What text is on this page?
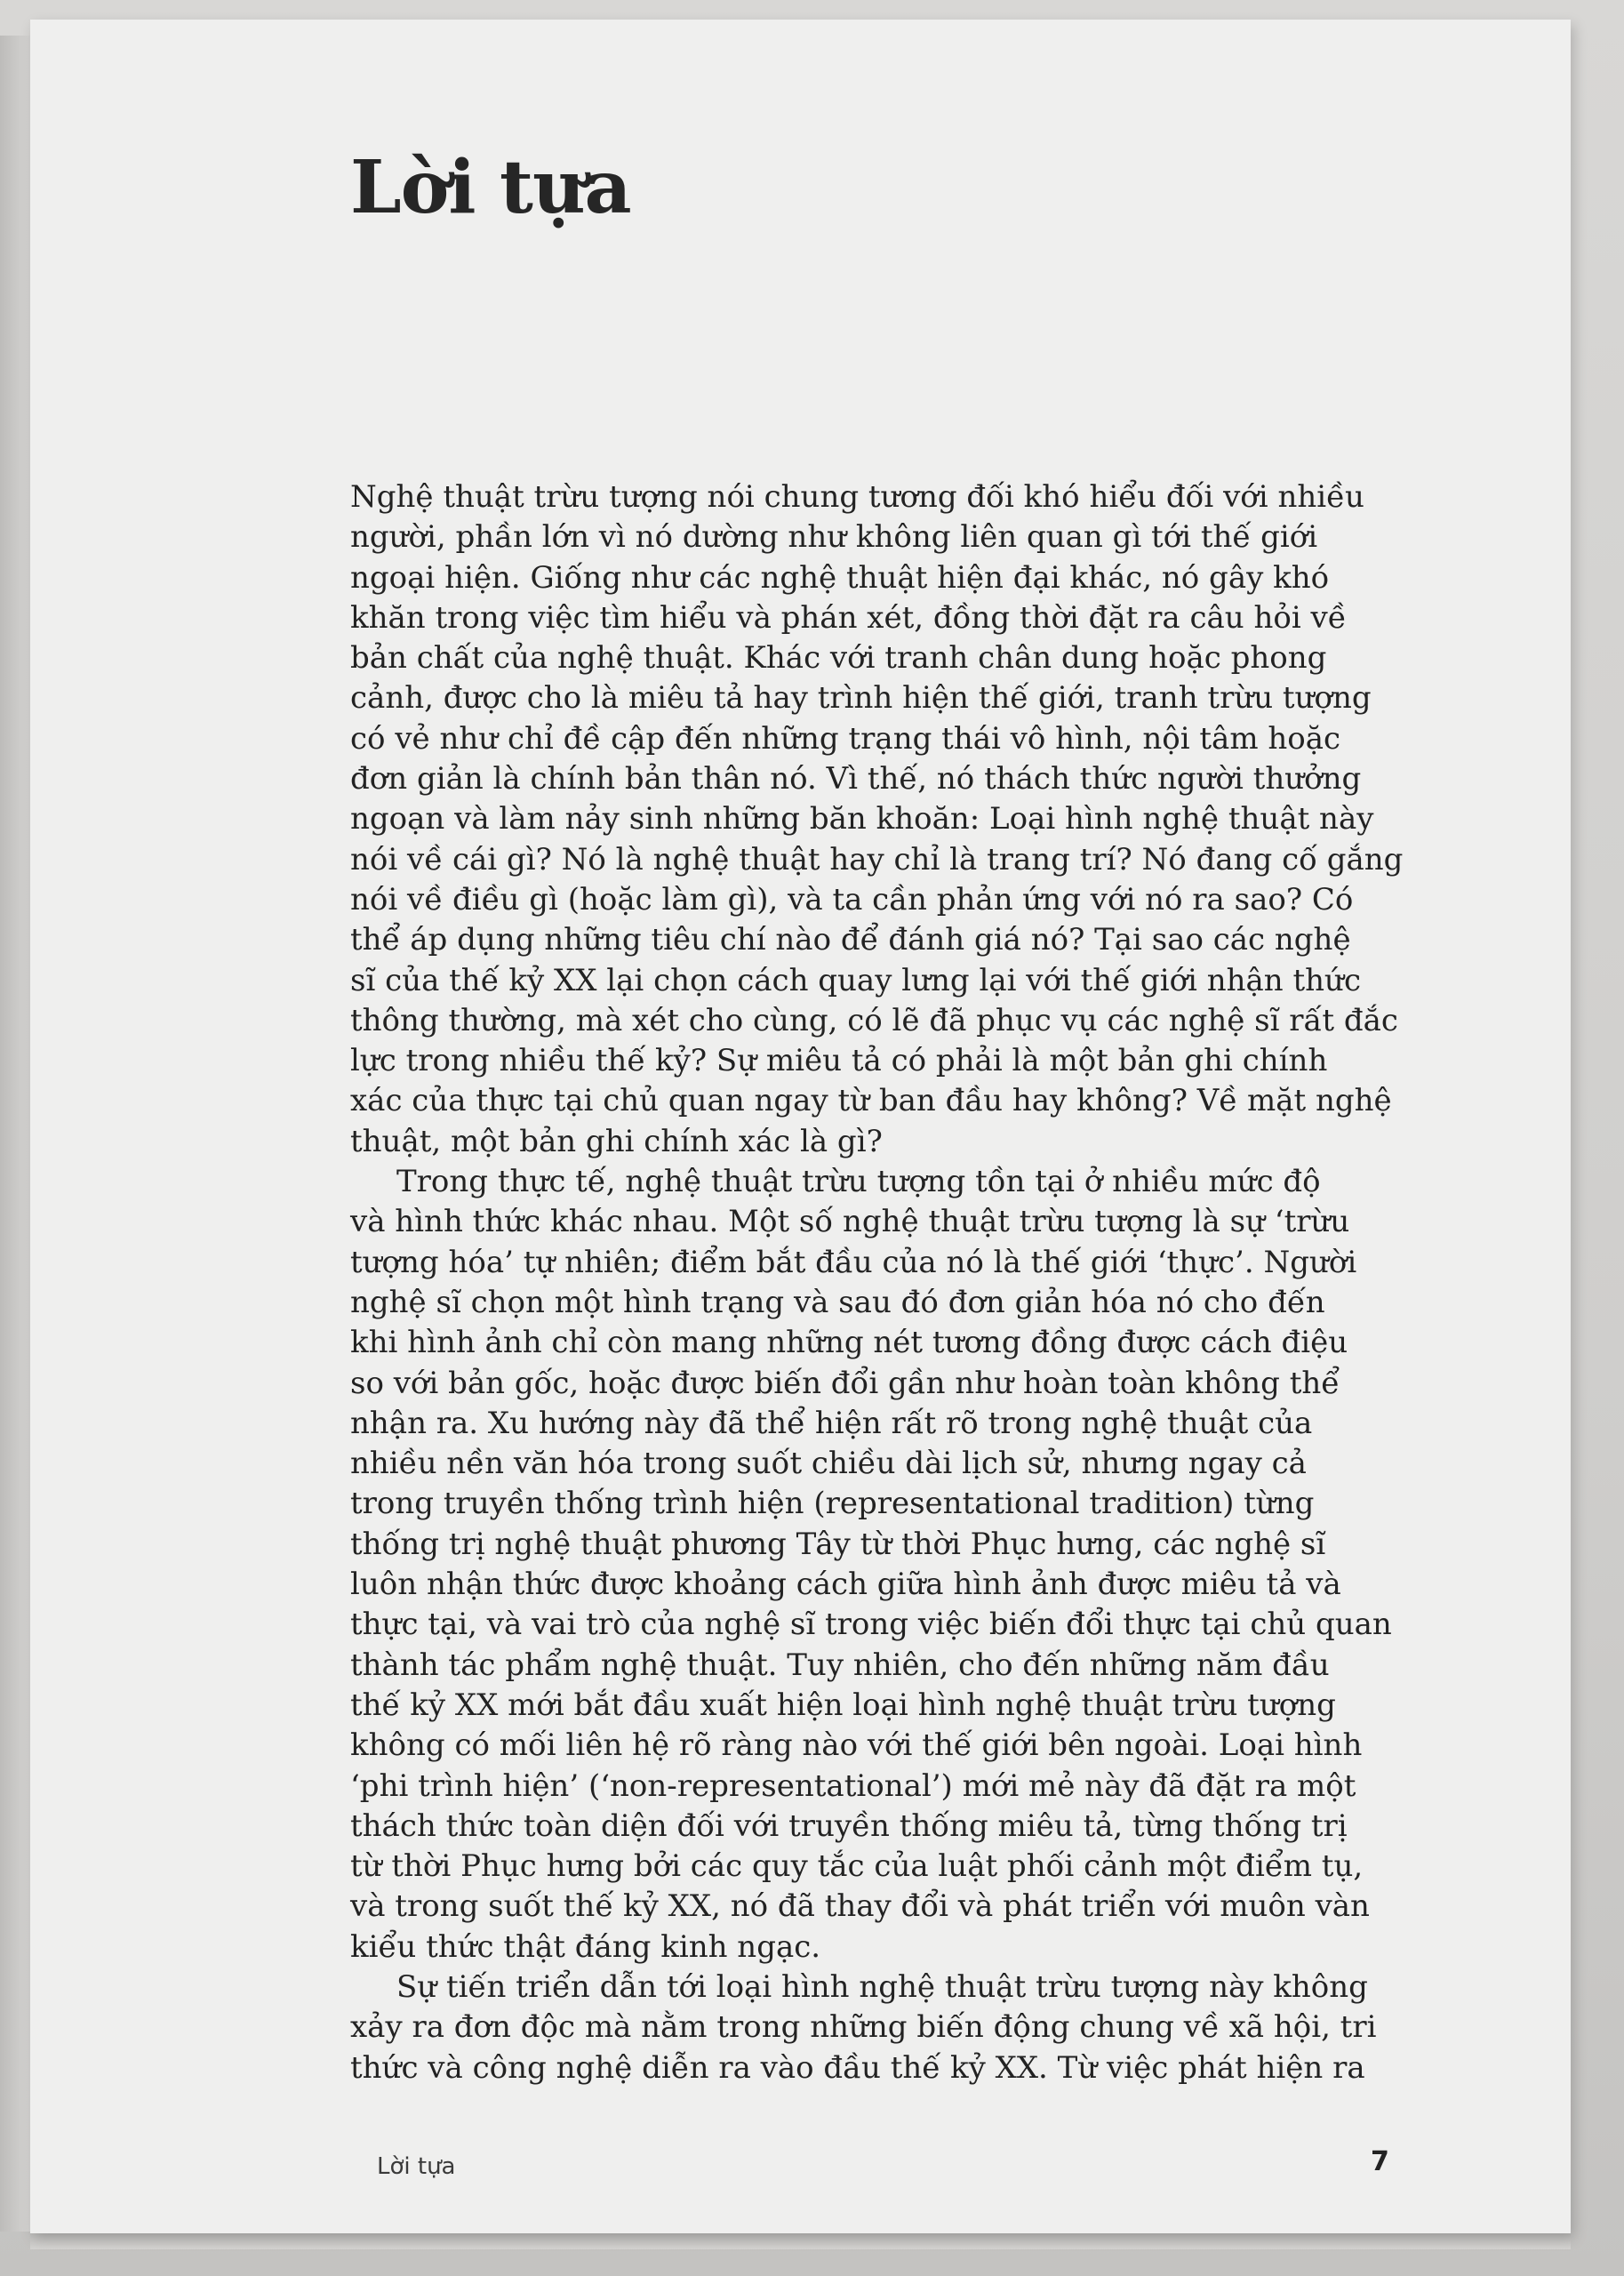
Lời tựa
Nghệ thuật trừu tượng nói chung tương đối khó hiểu đối với nhiều
người, phần lớn vì nó dường như không liên quan gì tới thế giới
ngoại hiện. Giống như các nghệ thuật hiện đại khác, nó gây khó
khăn trong việc tìm hiểu và phán xét, đồng thời đặt ra câu hỏi về
bản chất của nghệ thuật. Khác với tranh chân dung hoặc phong
cảnh, được cho là miêu tả hay trình hiện thế giới, tranh trừu tượng
có vẻ như chỉ đề cập đến những trạng thái vô hình, nội tâm hoặc
đơn giản là chính bản thân nó. Vì thế, nó thách thức người thưởng
ngoạn và làm nảy sinh những băn khoăn: Loại hình nghệ thuật này
nói về cái gì? Nó là nghệ thuật hay chỉ là trang trí? Nó đang cố gắng
nói về điều gì (hoặc làm gì), và ta cần phản ứng với nó ra sao? Có
thể áp dụng những tiêu chí nào để đánh giá nó? Tại sao các nghệ
sĩ của thế kỷ XX lại chọn cách quay lưng lại với thế giới nhận thức
thông thường, mà xét cho cùng, có lẽ đã phục vụ các nghệ sĩ rất đắc
lực trong nhiều thế kỷ? Sự miêu tả có phải là một bản ghi chính
xác của thực tại chủ quan ngay từ ban đầu hay không? Về mặt nghệ
thuật, một bản ghi chính xác là gì?
Trong thực tế, nghệ thuật trừu tượng tồn tại ở nhiều mức độ
và hình thức khác nhau. Một số nghệ thuật trừu tượng là sự ‘trừu
tượng hóa’ tự nhiên; điểm bắt đầu của nó là thế giới ‘thực’. Người
nghệ sĩ chọn một hình trạng và sau đó đơn giản hóa nó cho đến
khi hình ảnh chỉ còn mang những nét tương đồng được cách điệu
so với bản gốc, hoặc được biến đổi gần như hoàn toàn không thể
nhận ra. Xu hướng này đã thể hiện rất rõ trong nghệ thuật của
nhiều nền văn hóa trong suốt chiều dài lịch sử, nhưng ngay cả
trong truyền thống trình hiện (representational tradition) từng
thống trị nghệ thuật phương Tây từ thời Phục hưng, các nghệ sĩ
luôn nhận thức được khoảng cách giữa hình ảnh được miêu tả và
thực tại, và vai trò của nghệ sĩ trong việc biến đổi thực tại chủ quan
thành tác phẩm nghệ thuật. Tuy nhiên, cho đến những năm đầu
thế kỷ XX mới bắt đầu xuất hiện loại hình nghệ thuật trừu tượng
không có mối liên hệ rõ ràng nào với thế giới bên ngoài. Loại hình
‘phi trình hiện’ (‘non-representational’) mới mẻ này đã đặt ra một
thách thức toàn diện đối với truyền thống miêu tả, từng thống trị
từ thời Phục hưng bởi các quy tắc của luật phối cảnh một điểm tụ,
và trong suốt thế kỷ XX, nó đã thay đổi và phát triển với muôn vàn
kiểu thức thật đáng kinh ngạc.
Sự tiến triển dẫn tới loại hình nghệ thuật trừu tượng này không
xảy ra đơn độc mà nằm trong những biến động chung về xã hội, tri
thức và công nghệ diễn ra vào đầu thế kỷ XX. Từ việc phát hiện ra
Lời tựa	7
